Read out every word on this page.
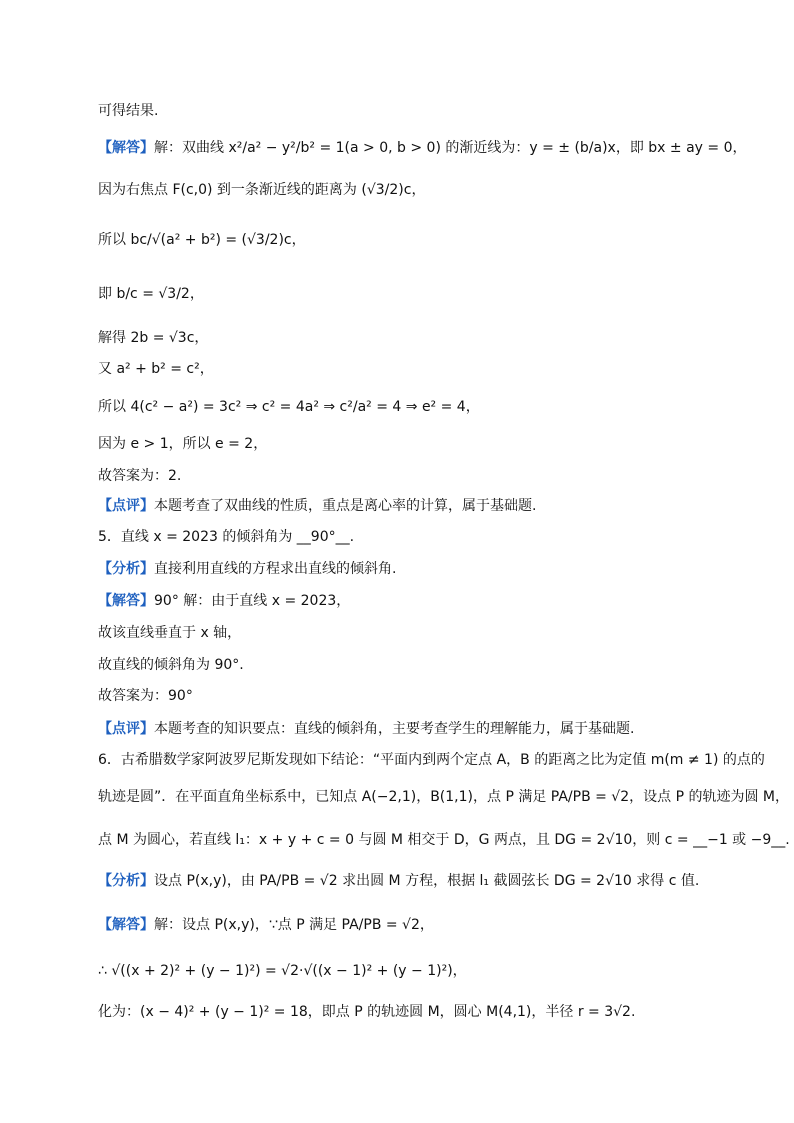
可得结果.
【解答】解：双曲线 x²/a² − y²/b² = 1(a > 0, b > 0) 的渐近线为：y = ± (b/a)x，即 bx ± ay = 0，
因为右焦点 F(c,0) 到一条渐近线的距离为 (√3/2)c，
所以 bc/√(a² + b²) = (√3/2)c，
即 b/c = √3/2，
解得 2b = √3c，
又 a² + b² = c²，
所以 4(c² − a²) = 3c² ⇒ c² = 4a² ⇒ c²/a² = 4 ⇒ e² = 4，
因为 e > 1，所以 e = 2，
故答案为：2.
【点评】本题考查了双曲线的性质，重点是离心率的计算，属于基础题.
5．直线 x = 2023 的倾斜角为 __90°__.
【分析】直接利用直线的方程求出直线的倾斜角.
【解答】90° 解：由于直线 x = 2023，
故该直线垂直于 x 轴，
故直线的倾斜角为 90°.
故答案为：90°
【点评】本题考查的知识要点：直线的倾斜角，主要考查学生的理解能力，属于基础题.
6．古希腊数学家阿波罗尼斯发现如下结论：“平面内到两个定点 A，B 的距离之比为定值 m(m ≠ 1) 的点的
轨迹是圆”．在平面直角坐标系中，已知点 A(−2,1)，B(1,1)，点 P 满足 PA/PB = √2，设点 P 的轨迹为圆 M，
点 M 为圆心，若直线 l₁：x + y + c = 0 与圆 M 相交于 D，G 两点，且 DG = 2√10，则 c = __−1 或 −9__.
【分析】设点 P(x,y)，由 PA/PB = √2 求出圆 M 方程，根据 l₁ 截圆弦长 DG = 2√10 求得 c 值.
【解答】解：设点 P(x,y)，∵点 P 满足 PA/PB = √2，
∴ √((x + 2)² + (y − 1)²) = √2·√((x − 1)² + (y − 1)²)，
化为：(x − 4)² + (y − 1)² = 18，即点 P 的轨迹圆 M，圆心 M(4,1)，半径 r = 3√2.
